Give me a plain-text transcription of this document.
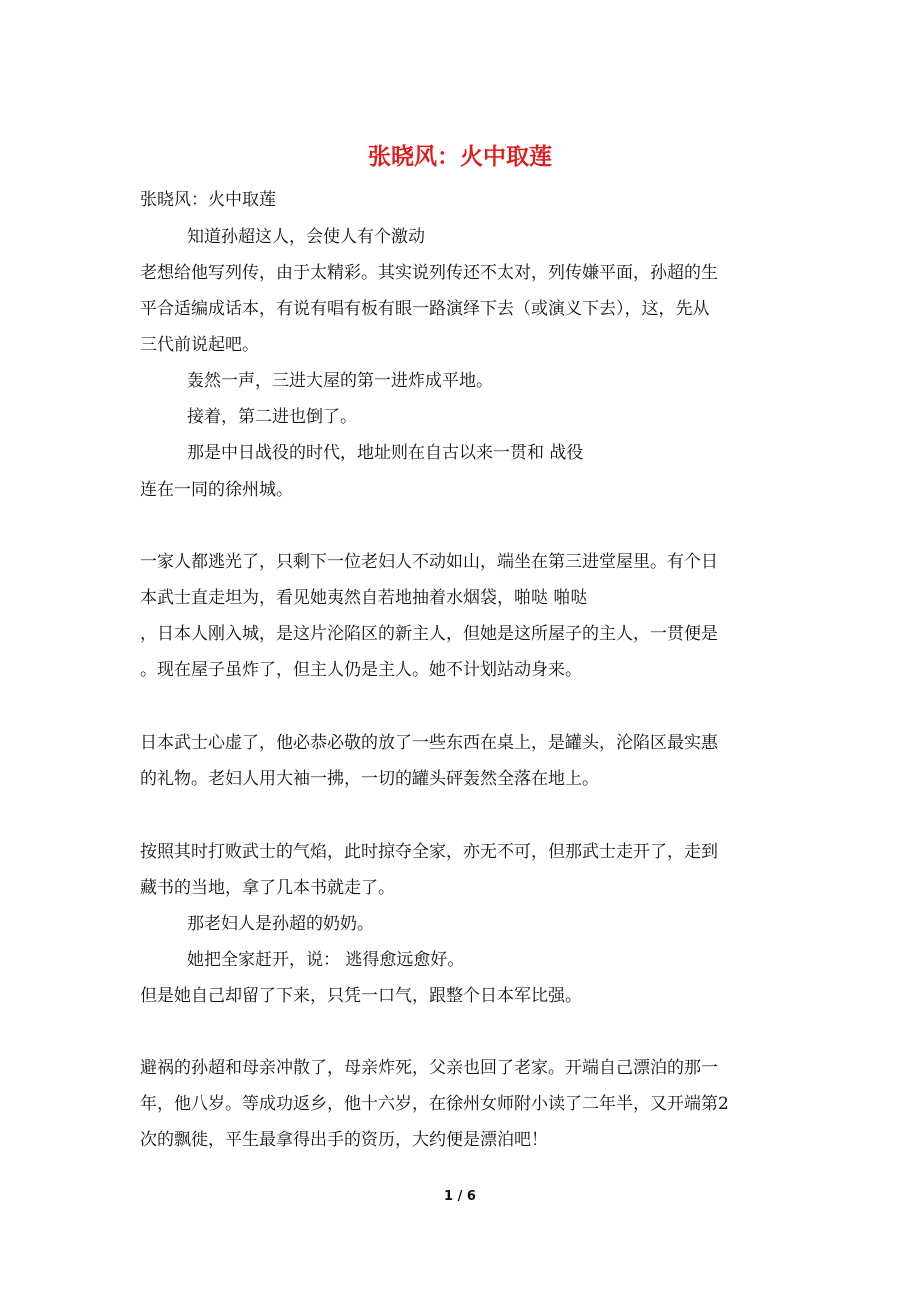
张晓风：火中取莲
张晓风：火中取莲
知道孙超这人，会使人有个激动
老想给他写列传，由于太精彩。其实说列传还不太对，列传嫌平面，孙超的生
平合适编成话本，有说有唱有板有眼一路演绎下去（或演义下去），这，先从
三代前说起吧。
轰然一声，三进大屋的第一进炸成平地。
接着，第二进也倒了。
那是中日战役的时代，地址则在自古以来一贯和 战役
连在一同的徐州城。
一家人都逃光了，只剩下一位老妇人不动如山，端坐在第三进堂屋里。有个日
本武士直走坦为，看见她夷然自若地抽着水烟袋，啪哒 啪哒
，日本人刚入城，是这片沦陷区的新主人，但她是这所屋子的主人，一贯便是
。现在屋子虽炸了，但主人仍是主人。她不计划站动身来。
日本武士心虚了，他必恭必敬的放了一些东西在桌上，是罐头，沦陷区最实惠
的礼物。老妇人用大袖一拂，一切的罐头砰轰然全落在地上。
按照其时打败武士的气焰，此时掠夺全家，亦无不可，但那武士走开了，走到
藏书的当地，拿了几本书就走了。
那老妇人是孙超的奶奶。
她把全家赶开，说： 逃得愈远愈好。
但是她自己却留了下来，只凭一口气，跟整个日本军比强。
避祸的孙超和母亲冲散了，母亲炸死，父亲也回了老家。开端自己漂泊的那一
年，他八岁。等成功返乡，他十六岁，在徐州女师附小读了二年半，又开端第2
次的飘徙，平生最拿得出手的资历，大约便是漂泊吧！
1 / 6
